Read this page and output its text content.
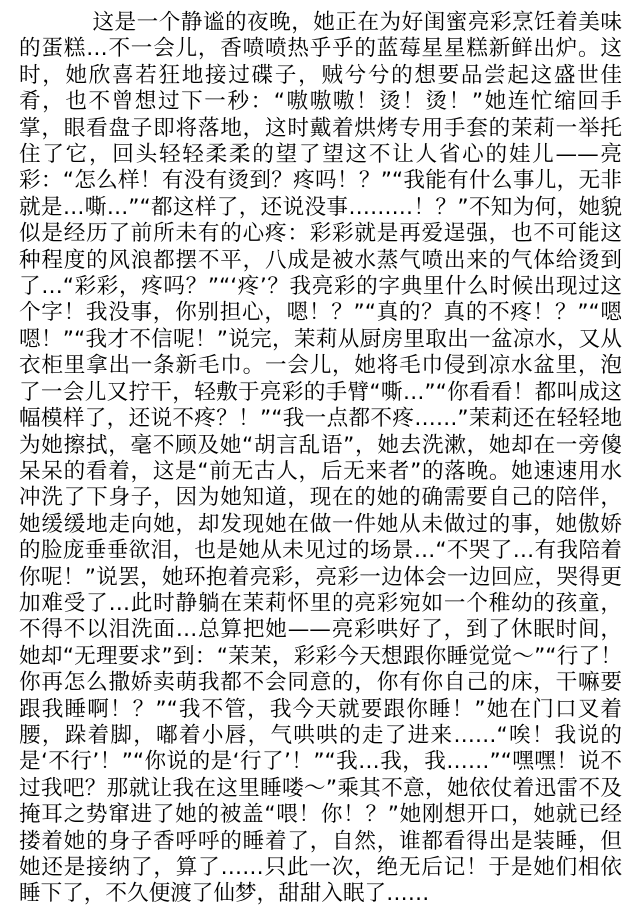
这是一个静谧的夜晚，她正在为好闺蜜亮彩烹饪着美味的蛋糕…不一会儿，香喷喷热乎乎的蓝莓星星糕新鲜出炉。这时，她欣喜若狂地接过碟子，贼兮兮的想要品尝起这盛世佳肴，也不曾想过下一秒：“嗷嗷嗷！烫！烫！”她连忙缩回手掌，眼看盘子即将落地，这时戴着烘烤专用手套的茉莉一举托住了它，回头轻轻柔柔的望了望这不让人省心的娃儿——亮彩：“怎么样！有没有烫到？疼吗！？”“我能有什么事儿，无非就是…嘶…”“都这样了，还说没事………！？”不知为何，她貌似是经历了前所未有的心疼：彩彩就是再爱逞强，也不可能这种程度的风浪都摆不平，八成是被水蒸气喷出来的气体给烫到了…“彩彩，疼吗？”“‘疼’？我亮彩的字典里什么时候出现过这个字！我没事，你别担心，嗯！？”“真的？真的不疼！？”“嗯嗯！”“我才不信呢！”说完，茉莉从厨房里取出一盆凉水，又从衣柜里拿出一条新毛巾。一会儿，她将毛巾侵到凉水盆里，泡了一会儿又拧干，轻敷于亮彩的手臂“嘶…”“你看看！都叫成这幅模样了，还说不疼？！”“我一点都不疼……”茉莉还在轻轻地为她擦拭，毫不顾及她“胡言乱语”，她去洗漱，她却在一旁傻呆呆的看着，这是“前无古人，后无来者”的落晚。她速速用水冲洗了下身子，因为她知道，现在的她的确需要自己的陪伴，她缓缓地走向她，却发现她在做一件她从未做过的事，她傲娇的脸庞垂垂欲泪，也是她从未见过的场景…“不哭了…有我陪着你呢！”说罢，她环抱着亮彩，亮彩一边体会一边回应，哭得更加难受了…此时静躺在茉莉怀里的亮彩宛如一个稚幼的孩童，不得不以泪洗面…总算把她——亮彩哄好了，到了休眠时间，她却“无理要求”到：“茉茉，彩彩今天想跟你睡觉觉～”“行了！你再怎么撒娇卖萌我都不会同意的，你有你自己的床，干嘛要跟我睡啊！？”“我不管，我今天就要跟你睡！”她在门口叉着腰，跺着脚，嘟着小唇，气哄哄的走了进来……“唉！我说的是‘不行’！”“你说的是‘行了’！”“我…我，我……”“嘿嘿！说不过我吧？那就让我在这里睡喽～”乘其不意，她依仗着迅雷不及掩耳之势窜进了她的被盖“喂！你！？”她刚想开口，她就已经搂着她的身子香呼呼的睡着了，自然，谁都看得出是装睡，但她还是接纳了，算了……只此一次，绝无后记！于是她们相依睡下了，不久便渡了仙梦，甜甜入眠了……
